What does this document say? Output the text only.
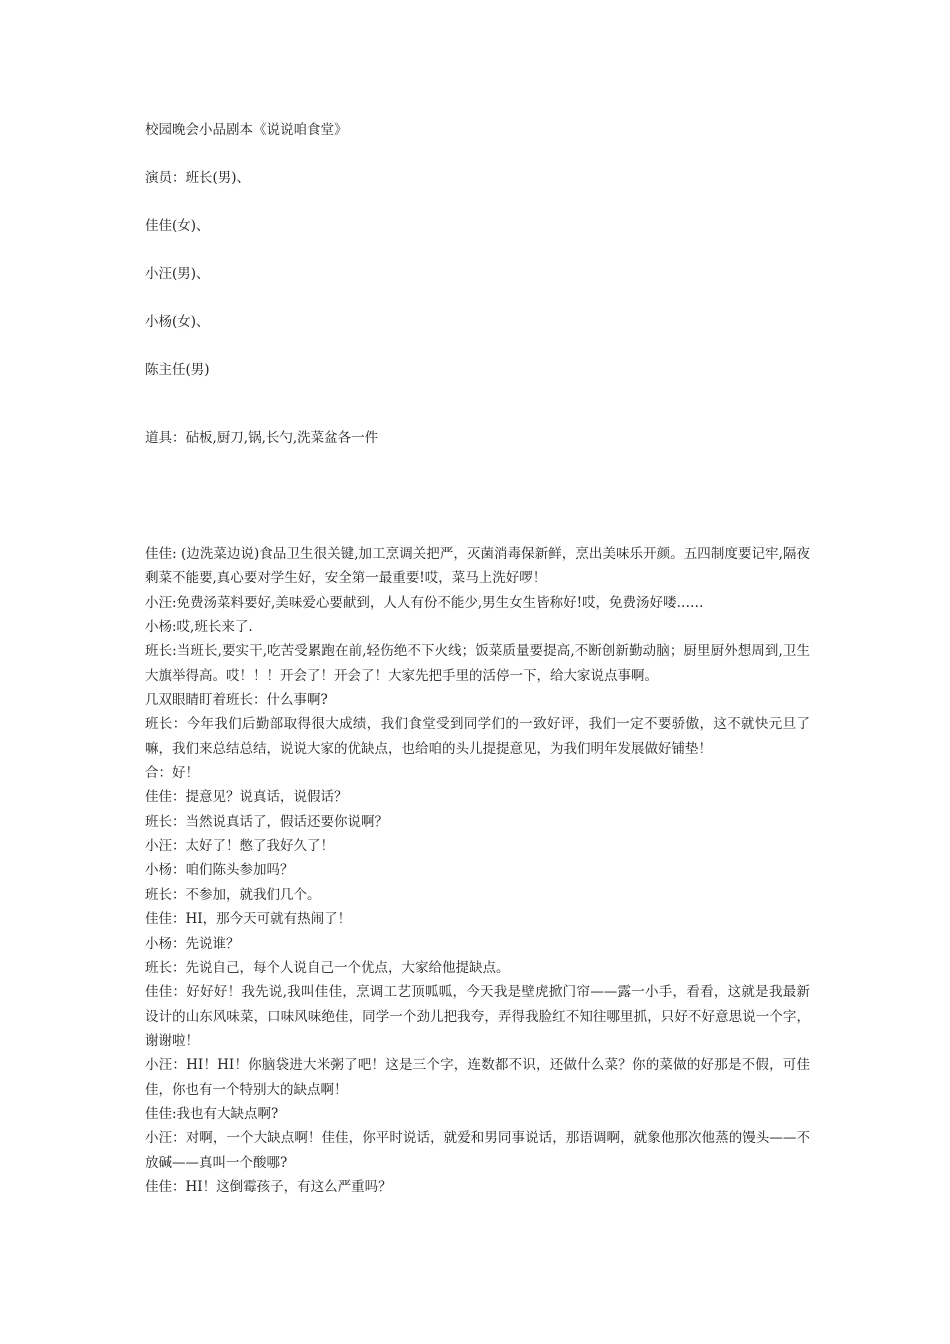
校园晚会小品剧本《说说咱食堂》

演员：班长(男)、

佳佳(女)、

小汪(男)、

小杨(女)、

陈主任(男)

道具：砧板,厨刀,锅,长勺,洗菜盆各一件

佳佳: (边洗菜边说)食品卫生很关键,加工烹调关把严，灭菌消毒保新鲜，烹出美味乐开颜。五四制度要记牢,隔夜剩菜不能要,真心要对学生好，安全第一最重要!哎，菜马上洗好啰！

小汪:免费汤菜料要好,美味爱心要献到，人人有份不能少,男生女生皆称好!哎，免费汤好喽……

小杨:哎,班长来了.

班长:当班长,要实干,吃苦受累跑在前,轻伤绝不下火线；饭菜质量要提高,不断创新勤动脑；厨里厨外想周到,卫生大旗举得高。哎！！！开会了！开会了！大家先把手里的活停一下，给大家说点事啊。

几双眼睛盯着班长：什么事啊?

班长：今年我们后勤部取得很大成绩，我们食堂受到同学们的一致好评，我们一定不要骄傲，这不就快元旦了嘛，我们来总结总结，说说大家的优缺点，也给咱的头儿提提意见，为我们明年发展做好铺垫！

合：好！

佳佳：提意见？说真话，说假话？

班长：当然说真话了，假话还要你说啊？

小汪：太好了！憋了我好久了！

小杨：咱们陈头参加吗？

班长：不参加，就我们几个。

佳佳：HI，那今天可就有热闹了！

小杨：先说谁？

班长：先说自己，每个人说自己一个优点，大家给他提缺点。

佳佳：好好好！我先说,我叫佳佳，烹调工艺顶呱呱，今天我是壁虎掀门帘——露一小手，看看，这就是我最新设计的山东风味菜，口味风味绝佳，同学一个劲儿把我夸，弄得我脸红不知往哪里抓，只好不好意思说一个字，谢谢啦！

小汪：HI！HI！你脑袋进大米粥了吧！这是三个字，连数都不识，还做什么菜？你的菜做的好那是不假，可佳佳，你也有一个特别大的缺点啊！

佳佳:我也有大缺点啊?

小汪：对啊，一个大缺点啊！佳佳，你平时说话，就爱和男同事说话，那语调啊，就象他那次他蒸的馒头——不放碱——真叫一个酸哪?

佳佳：HI！这倒霉孩子，有这么严重吗？
